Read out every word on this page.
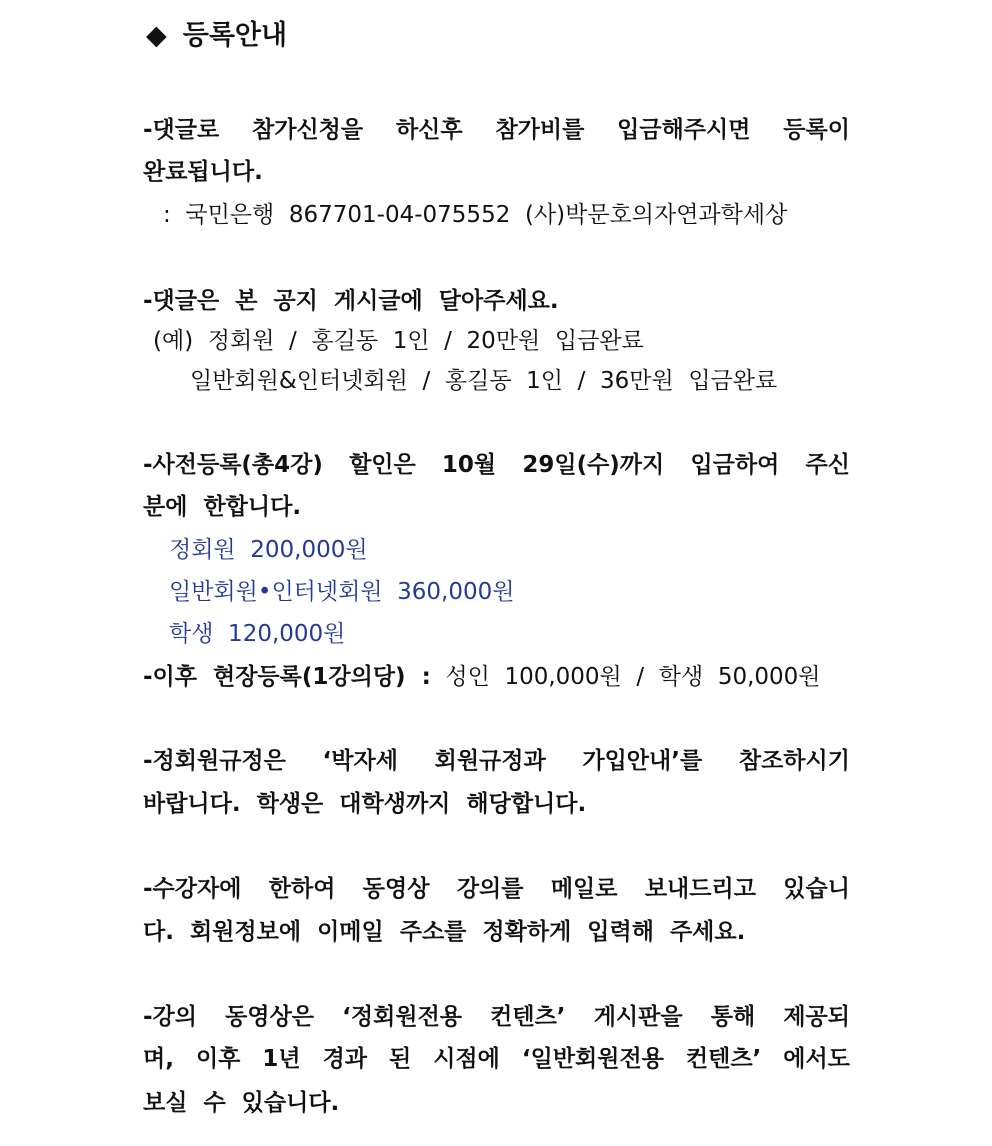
◆ 등록안내
-댓글로 참가신청을 하신후 참가비를 입금해주시면 등록이
완료됩니다.
:  국민은행  867701-04-075552  (사)박문호의자연과학세상
-댓글은  본  공지  게시글에  달아주세요.
(예)  정회원  /  홍길동  1인  /  20만원  입금완료
일반회원&인터넷회원  /  홍길동  1인  /  36만원  입금완료
-사전등록(총4강) 할인은 10월 29일(수)까지 입금하여 주신
분에  한합니다.
정회원  200,000원
일반회원•인터넷회원  360,000원
학생  120,000원
-이후  현장등록(1강의당)  : 성인  100,000원  /  학생  50,000원
-정회원규정은 ‘박자세 회원규정과 가입안내’를 참조하시기
바랍니다.  학생은  대학생까지  해당합니다.
-수강자에 한하여 동영상 강의를 메일로 보내드리고 있습니
다.  회원정보에  이메일  주소를  정확하게  입력해  주세요.
-강의 동영상은 ‘정회원전용 컨텐츠’ 게시판을 통해 제공되
며, 이후 1년 경과 된 시점에 ‘일반회원전용 컨텐츠’ 에서도
보실  수  있습니다.
